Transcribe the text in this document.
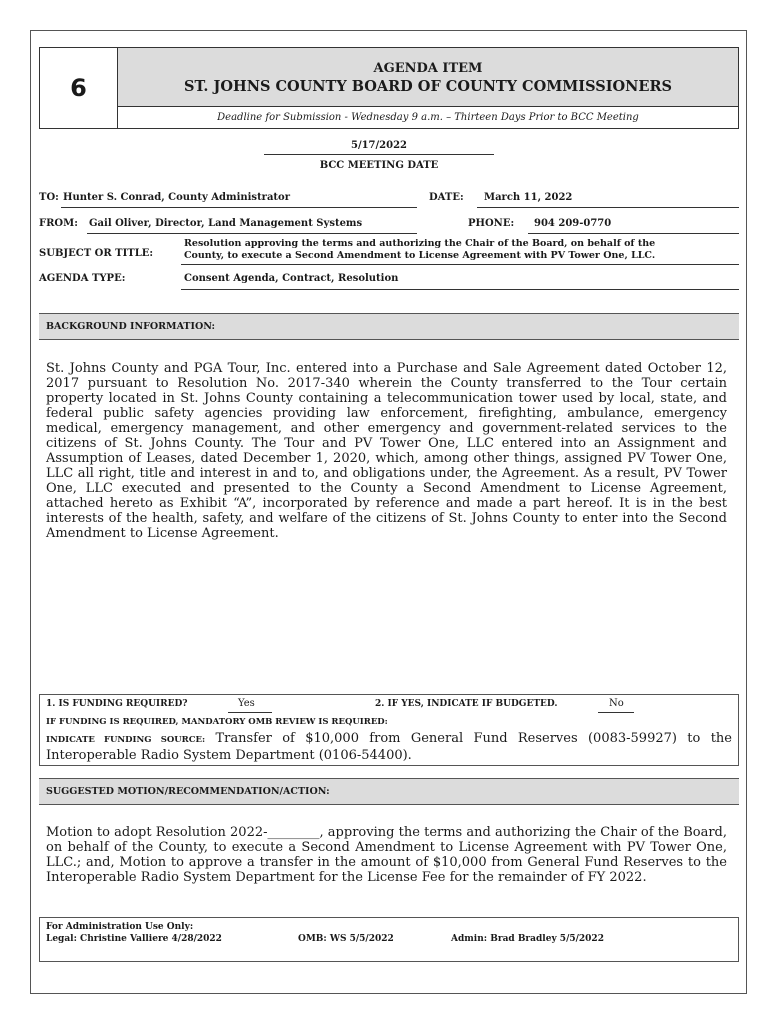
6
AGENDA ITEM
ST. JOHNS COUNTY BOARD OF COUNTY COMMISSIONERS
Deadline for Submission - Wednesday 9 a.m. – Thirteen Days Prior to BCC Meeting
5/17/2022
BCC MEETING DATE
TO: Hunter S. Conrad, County Administrator	DATE: March 11, 2022
FROM: Gail Oliver, Director, Land Management Systems	PHONE: 904 209-0770
SUBJECT OR TITLE:
Resolution approving the terms and authorizing the Chair of the Board, on behalf of the
County, to execute a Second Amendment to License Agreement with PV Tower One, LLC.
AGENDA TYPE:	Consent Agenda, Contract, Resolution
BACKGROUND INFORMATION:
St. Johns County and PGA Tour, Inc. entered into a Purchase and Sale Agreement dated October 12, 2017 pursuant to Resolution No. 2017-340 wherein the County transferred to the Tour certain property located in St. Johns County containing a telecommunication tower used by local, state, and federal public safety agencies providing law enforcement, firefighting, ambulance, emergency medical, emergency management, and other emergency and government-related services to the citizens of St. Johns County. The Tour and PV Tower One, LLC entered into an Assignment and Assumption of Leases, dated December 1, 2020, which, among other things, assigned PV Tower One, LLC all right, title and interest in and to, and obligations under, the Agreement. As a result, PV Tower One, LLC executed and presented to the County a Second Amendment to License Agreement, attached hereto as Exhibit “A”, incorporated by reference and made a part hereof. It is in the best interests of the health, safety, and welfare of the citizens of St. Johns County to enter into the Second Amendment to License Agreement.
1. IS FUNDING REQUIRED?	Yes	2. IF YES, INDICATE IF BUDGETED.	No
IF FUNDING IS REQUIRED, MANDATORY OMB REVIEW IS REQUIRED:
INDICATE FUNDING SOURCE: Transfer of $10,000 from General Fund Reserves (0083-59927) to the Interoperable Radio System Department (0106-54400).
SUGGESTED MOTION/RECOMMENDATION/ACTION:
Motion to adopt Resolution 2022-________, approving the terms and authorizing the Chair of the Board, on behalf of the County, to execute a Second Amendment to License Agreement with PV Tower One, LLC.; and, Motion to approve a transfer in the amount of $10,000 from General Fund Reserves to the Interoperable Radio System Department for the License Fee for the remainder of FY 2022.
For Administration Use Only:
Legal: Christine Valliere 4/28/2022	OMB: WS 5/5/2022	Admin: Brad Bradley 5/5/2022
